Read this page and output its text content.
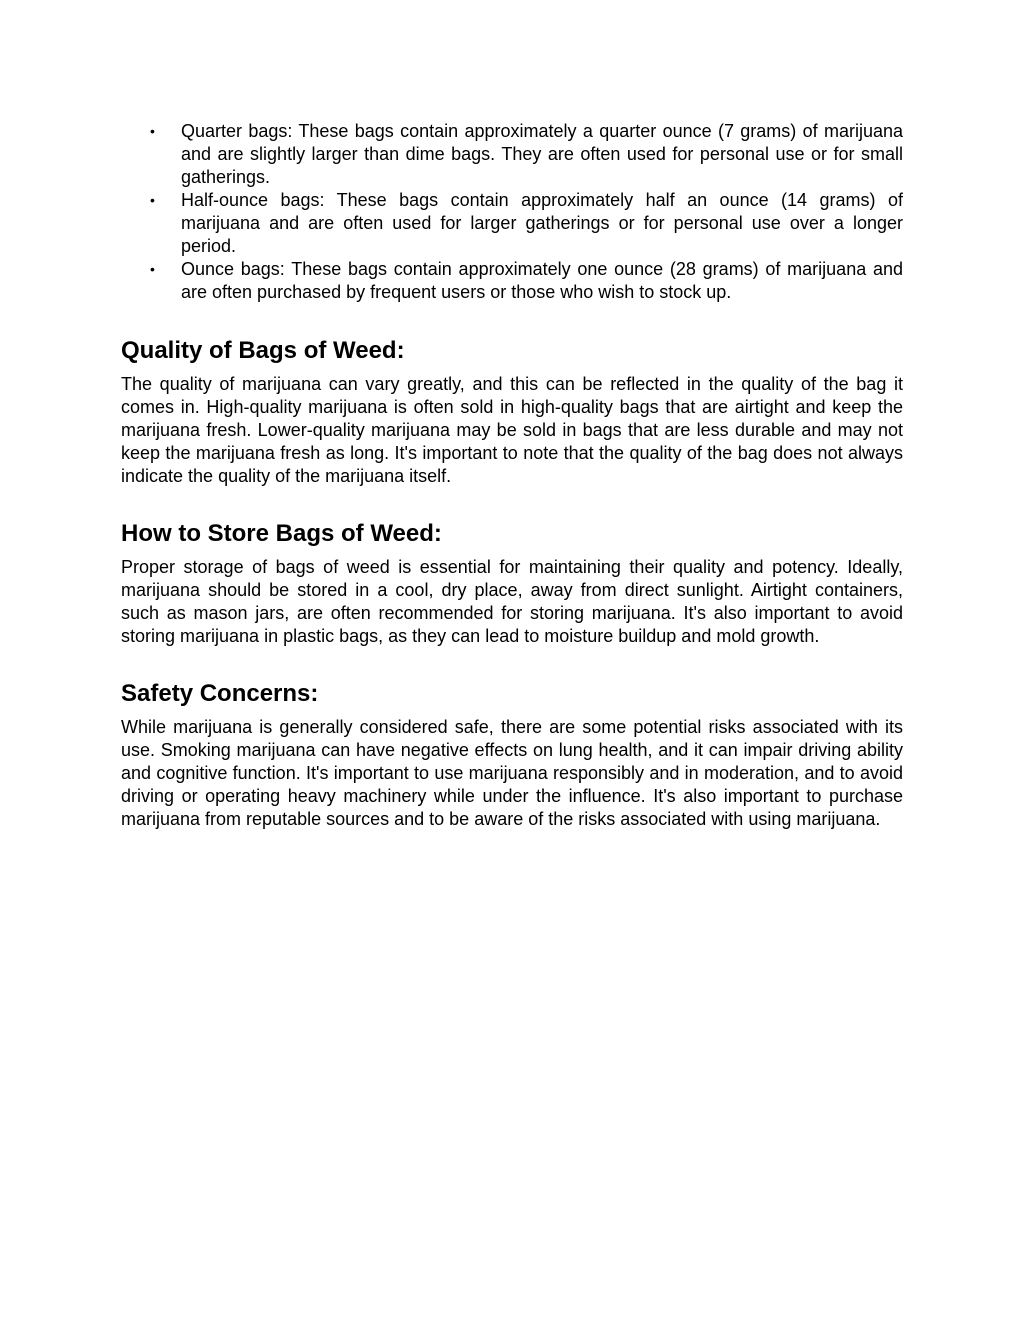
• Quarter bags: These bags contain approximately a quarter ounce (7 grams) of marijuana and are slightly larger than dime bags. They are often used for personal use or for small gatherings.
• Half-ounce bags: These bags contain approximately half an ounce (14 grams) of marijuana and are often used for larger gatherings or for personal use over a longer period.
• Ounce bags: These bags contain approximately one ounce (28 grams) of marijuana and are often purchased by frequent users or those who wish to stock up.
Quality of Bags of Weed:

The quality of marijuana can vary greatly, and this can be reflected in the quality of the bag it comes in. High-quality marijuana is often sold in high-quality bags that are airtight and keep the marijuana fresh. Lower-quality marijuana may be sold in bags that are less durable and may not keep the marijuana fresh as long. It's important to note that the quality of the bag does not always indicate the quality of the marijuana itself.

How to Store Bags of Weed:

Proper storage of bags of weed is essential for maintaining their quality and potency. Ideally, marijuana should be stored in a cool, dry place, away from direct sunlight. Airtight containers, such as mason jars, are often recommended for storing marijuana. It's also important to avoid storing marijuana in plastic bags, as they can lead to moisture buildup and mold growth.

Safety Concerns:

While marijuana is generally considered safe, there are some potential risks associated with its use. Smoking marijuana can have negative effects on lung health, and it can impair driving ability and cognitive function. It's important to use marijuana responsibly and in moderation, and to avoid driving or operating heavy machinery while under the influence. It's also important to purchase marijuana from reputable sources and to be aware of the risks associated with using marijuana.
